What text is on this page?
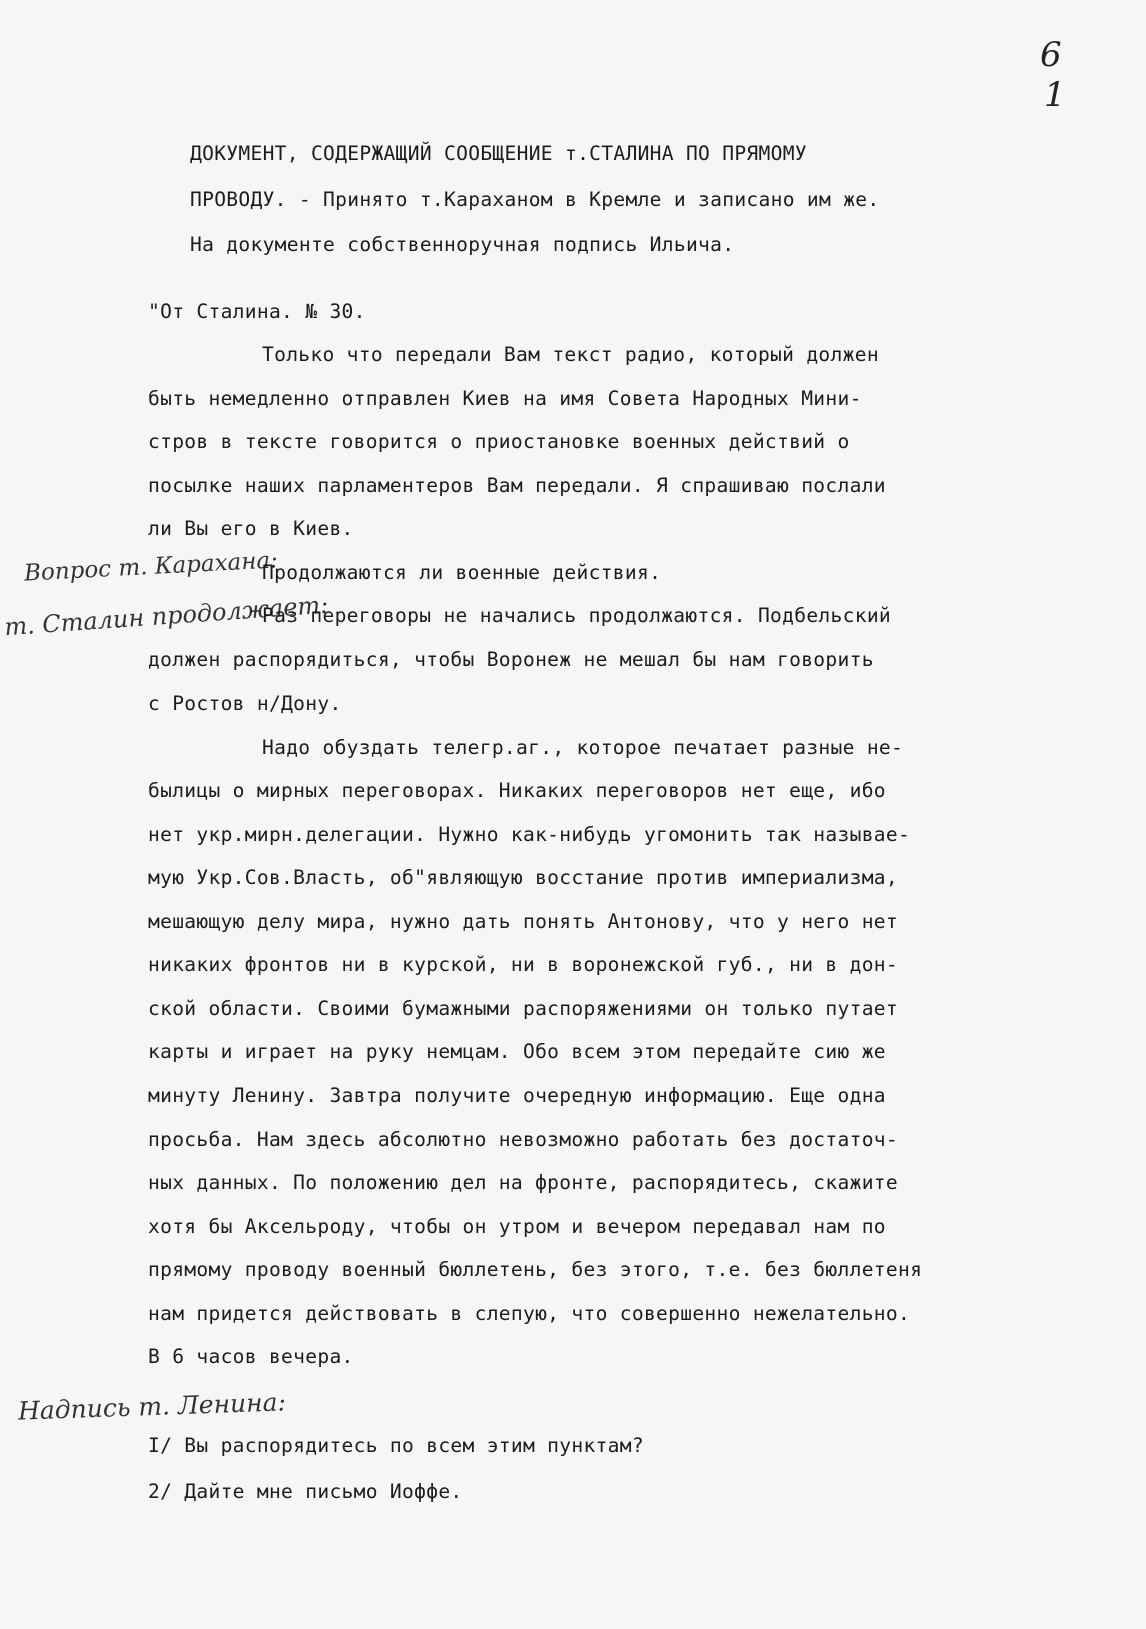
6
1
ДОКУМЕНТ, СОДЕРЖАЩИЙ СООБЩЕНИЕ т.СТАЛИНА ПО ПРЯМОМУ
ПРОВОДУ. - Принято т.Караханом в Кремле и записано им же.
На документе собственноручная подпись Ильича.
"От Сталина. № 30.
Только что передали Вам текст радио, который должен
быть немедленно отправлен Киев на имя Совета Народных Мини-
стров в тексте говорится о приостановке военных действий о
посылке наших парламентеров Вам передали. Я спрашиваю послали
ли Вы его в Киев.
Вопрос т. Карахана:
Продолжаются ли военные действия.
т. Сталин продолжает:
Раз переговоры не начались продолжаются. Подбельский
должен распорядиться, чтобы Воронеж не мешал бы нам говорить
с Ростов н/Дону.
Надо обуздать телегр.аг., которое печатает разные не-
былицы о мирных переговорах. Никаких переговоров нет еще, ибо
нет укр.мирн.делегации. Нужно как-нибудь угомонить так называе-
мую Укр.Сов.Власть, об"являющую восстание против империализма,
мешающую делу мира, нужно дать понять Антонову, что у него нет
никаких фронтов ни в курской, ни в воронежской губ., ни в дон-
ской области. Своими бумажными распоряжениями он только путает
карты и играет на руку немцам. Обо всем этом передайте сию же
минуту Ленину. Завтра получите очередную информацию. Еще одна
просьба. Нам здесь абсолютно невозможно работать без достаточ-
ных данных. По положению дел на фронте, распорядитесь, скажите
хотя бы Аксельроду, чтобы он утром и вечером передавал нам по
прямому проводу военный бюллетень, без этого, т.е. без бюллетеня
нам придется действовать в слепую, что совершенно нежелательно.
В 6 часов вечера.
Надпись т. Ленина:
I/ Вы распорядитесь по всем этим пунктам?
2/ Дайте мне письмо Иоффе.
